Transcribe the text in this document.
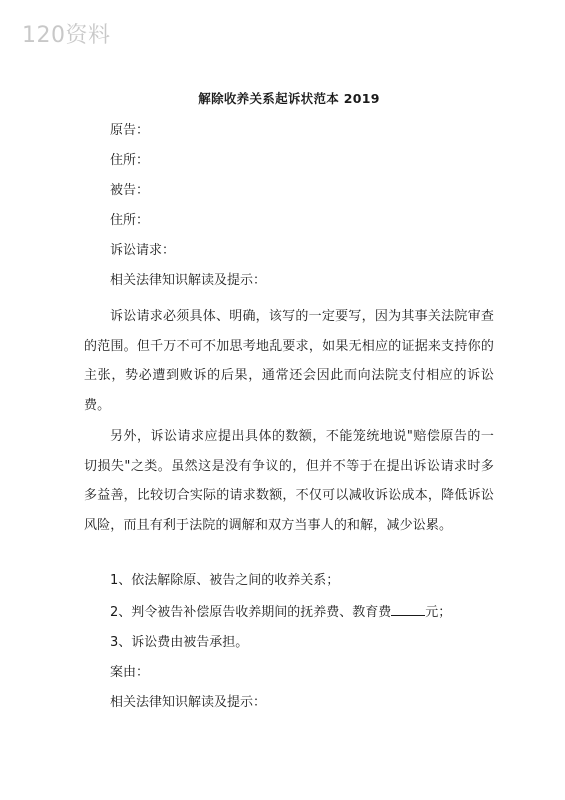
120资料
解除收养关系起诉状范本 2019
原告：
住所：
被告：
住所：
诉讼请求：
相关法律知识解读及提示：

诉讼请求必须具体、明确，该写的一定要写，因为其事关法院审查的范围。但千万不可不加思考地乱要求，如果无相应的证据来支持你的主张，势必遭到败诉的后果，通常还会因此而向法院支付相应的诉讼费。

另外，诉讼请求应提出具体的数额，不能笼统地说"赔偿原告的一切损失"之类。虽然这是没有争议的，但并不等于在提出诉讼请求时多多益善，比较切合实际的请求数额，不仅可以减收诉讼成本，降低诉讼风险，而且有利于法院的调解和双方当事人的和解，减少讼累。

1、依法解除原、被告之间的收养关系；
2、判令被告补偿原告收养期间的抚养费、教育费	元；
3、诉讼费由被告承担。
案由：
相关法律知识解读及提示：
